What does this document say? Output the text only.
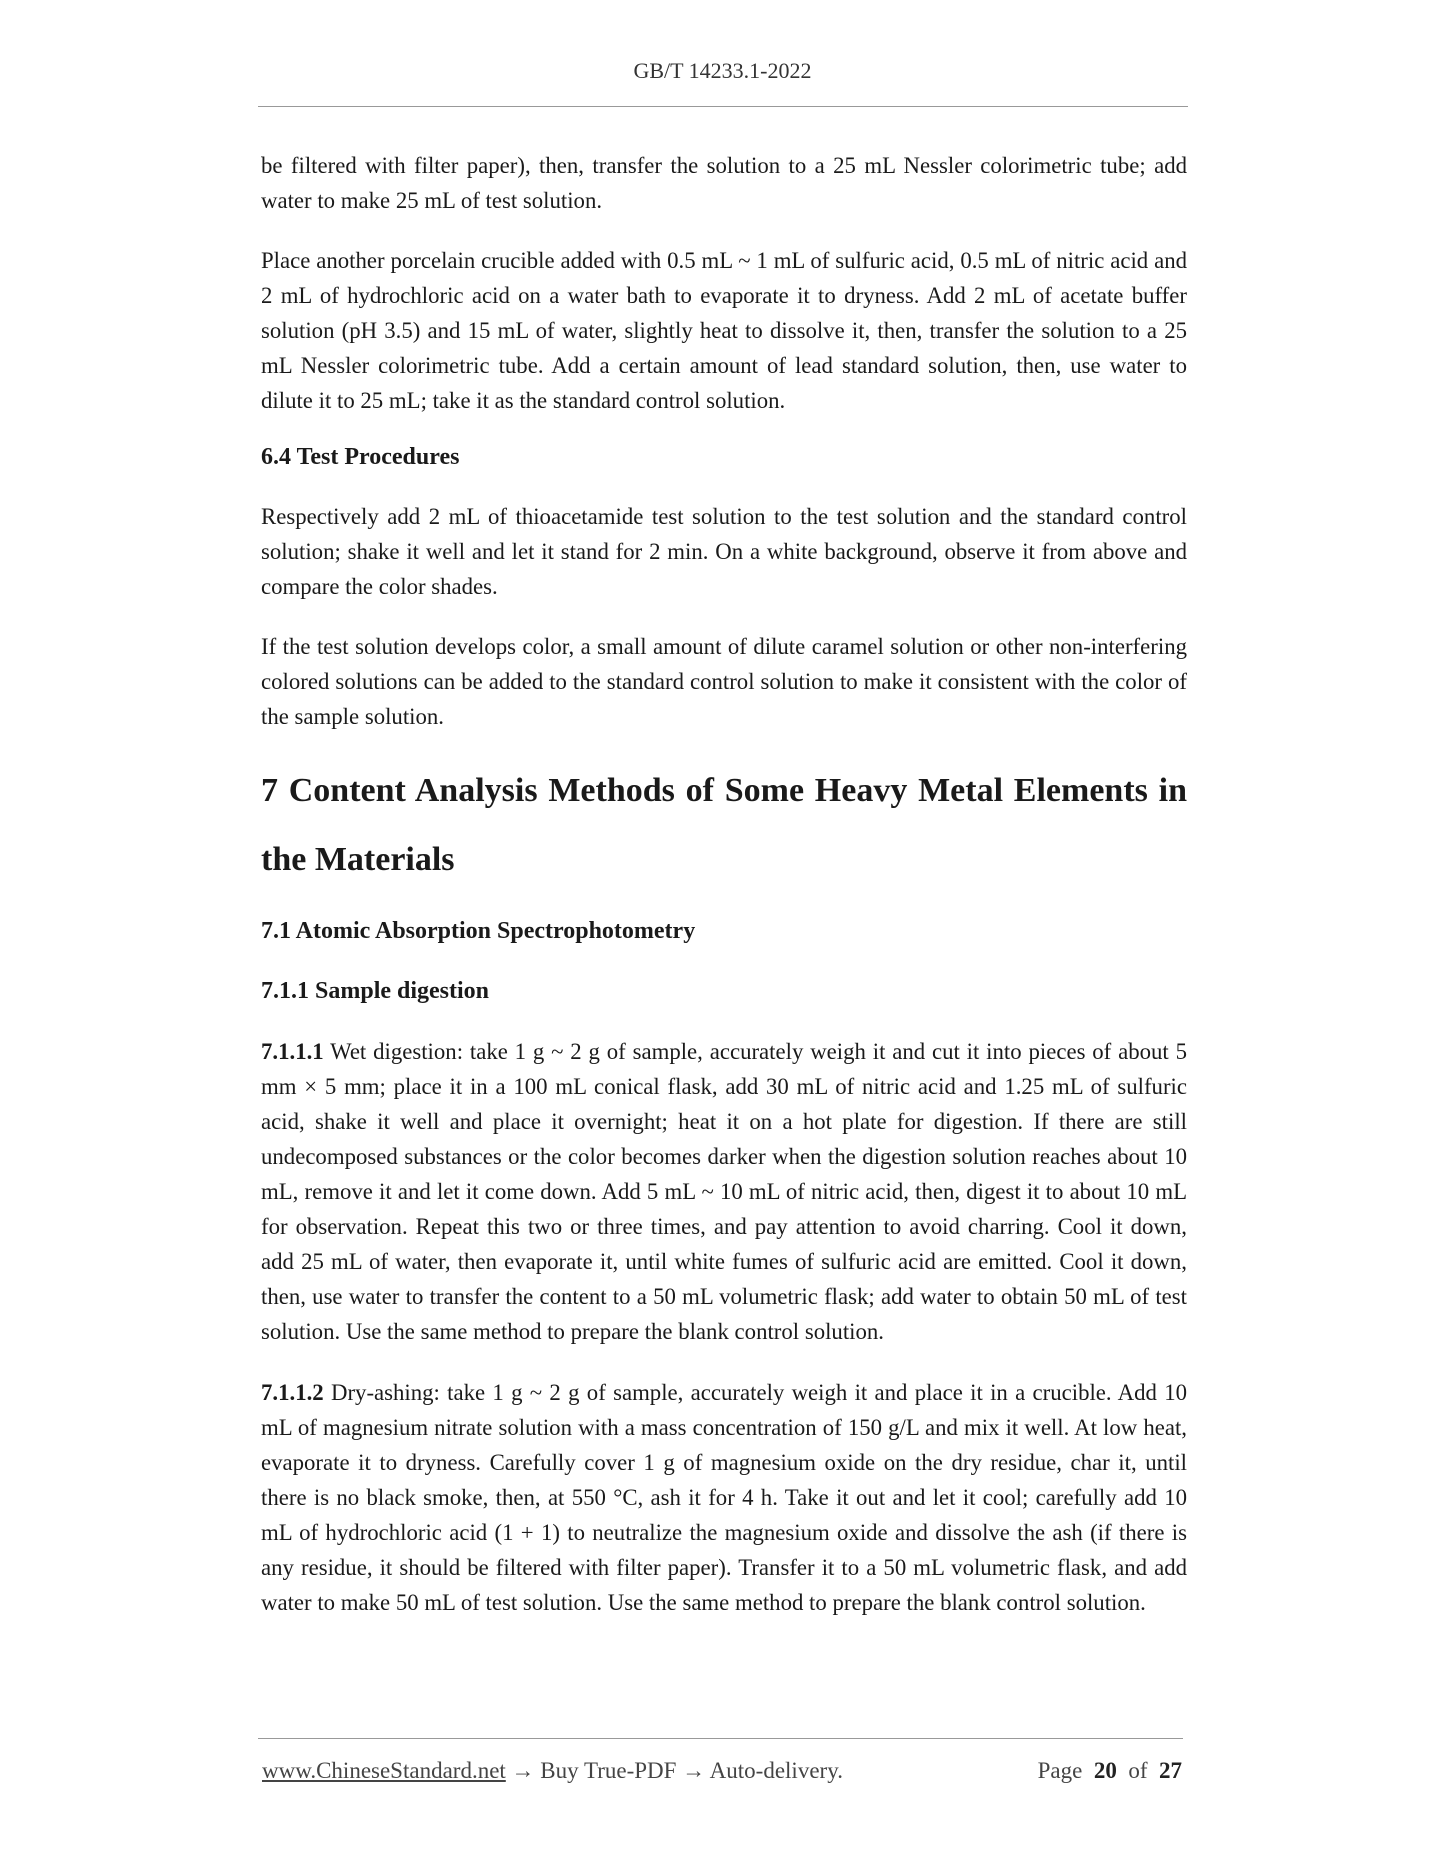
GB/T 14233.1-2022

be filtered with filter paper), then, transfer the solution to a 25 mL Nessler colorimetric tube; add water to make 25 mL of test solution.

Place another porcelain crucible added with 0.5 mL ~ 1 mL of sulfuric acid, 0.5 mL of nitric acid and 2 mL of hydrochloric acid on a water bath to evaporate it to dryness. Add 2 mL of acetate buffer solution (pH 3.5) and 15 mL of water, slightly heat to dissolve it, then, transfer the solution to a 25 mL Nessler colorimetric tube. Add a certain amount of lead standard solution, then, use water to dilute it to 25 mL; take it as the standard control solution.

6.4 Test Procedures

Respectively add 2 mL of thioacetamide test solution to the test solution and the standard control solution; shake it well and let it stand for 2 min. On a white background, observe it from above and compare the color shades.

If the test solution develops color, a small amount of dilute caramel solution or other non-interfering colored solutions can be added to the standard control solution to make it consistent with the color of the sample solution.

7 Content Analysis Methods of Some Heavy Metal Elements in the Materials
7.1 Atomic Absorption Spectrophotometry
7.1.1 Sample digestion

7.1.1.1 Wet digestion: take 1 g ~ 2 g of sample, accurately weigh it and cut it into pieces of about 5 mm × 5 mm; place it in a 100 mL conical flask, add 30 mL of nitric acid and 1.25 mL of sulfuric acid, shake it well and place it overnight; heat it on a hot plate for digestion. If there are still undecomposed substances or the color becomes darker when the digestion solution reaches about 10 mL, remove it and let it come down. Add 5 mL ~ 10 mL of nitric acid, then, digest it to about 10 mL for observation. Repeat this two or three times, and pay attention to avoid charring. Cool it down, add 25 mL of water, then evaporate it, until white fumes of sulfuric acid are emitted. Cool it down, then, use water to transfer the content to a 50 mL volumetric flask; add water to obtain 50 mL of test solution. Use the same method to prepare the blank control solution.

7.1.1.2 Dry-ashing: take 1 g ~ 2 g of sample, accurately weigh it and place it in a crucible. Add 10 mL of magnesium nitrate solution with a mass concentration of 150 g/L and mix it well. At low heat, evaporate it to dryness. Carefully cover 1 g of magnesium oxide on the dry residue, char it, until there is no black smoke, then, at 550 °C, ash it for 4 h. Take it out and let it cool; carefully add 10 mL of hydrochloric acid (1 + 1) to neutralize the magnesium oxide and dissolve the ash (if there is any residue, it should be filtered with filter paper). Transfer it to a 50 mL volumetric flask, and add water to make 50 mL of test solution. Use the same method to prepare the blank control solution.

www.ChineseStandard.net → Buy True-PDF → Auto-delivery.	Page 20 of 27
